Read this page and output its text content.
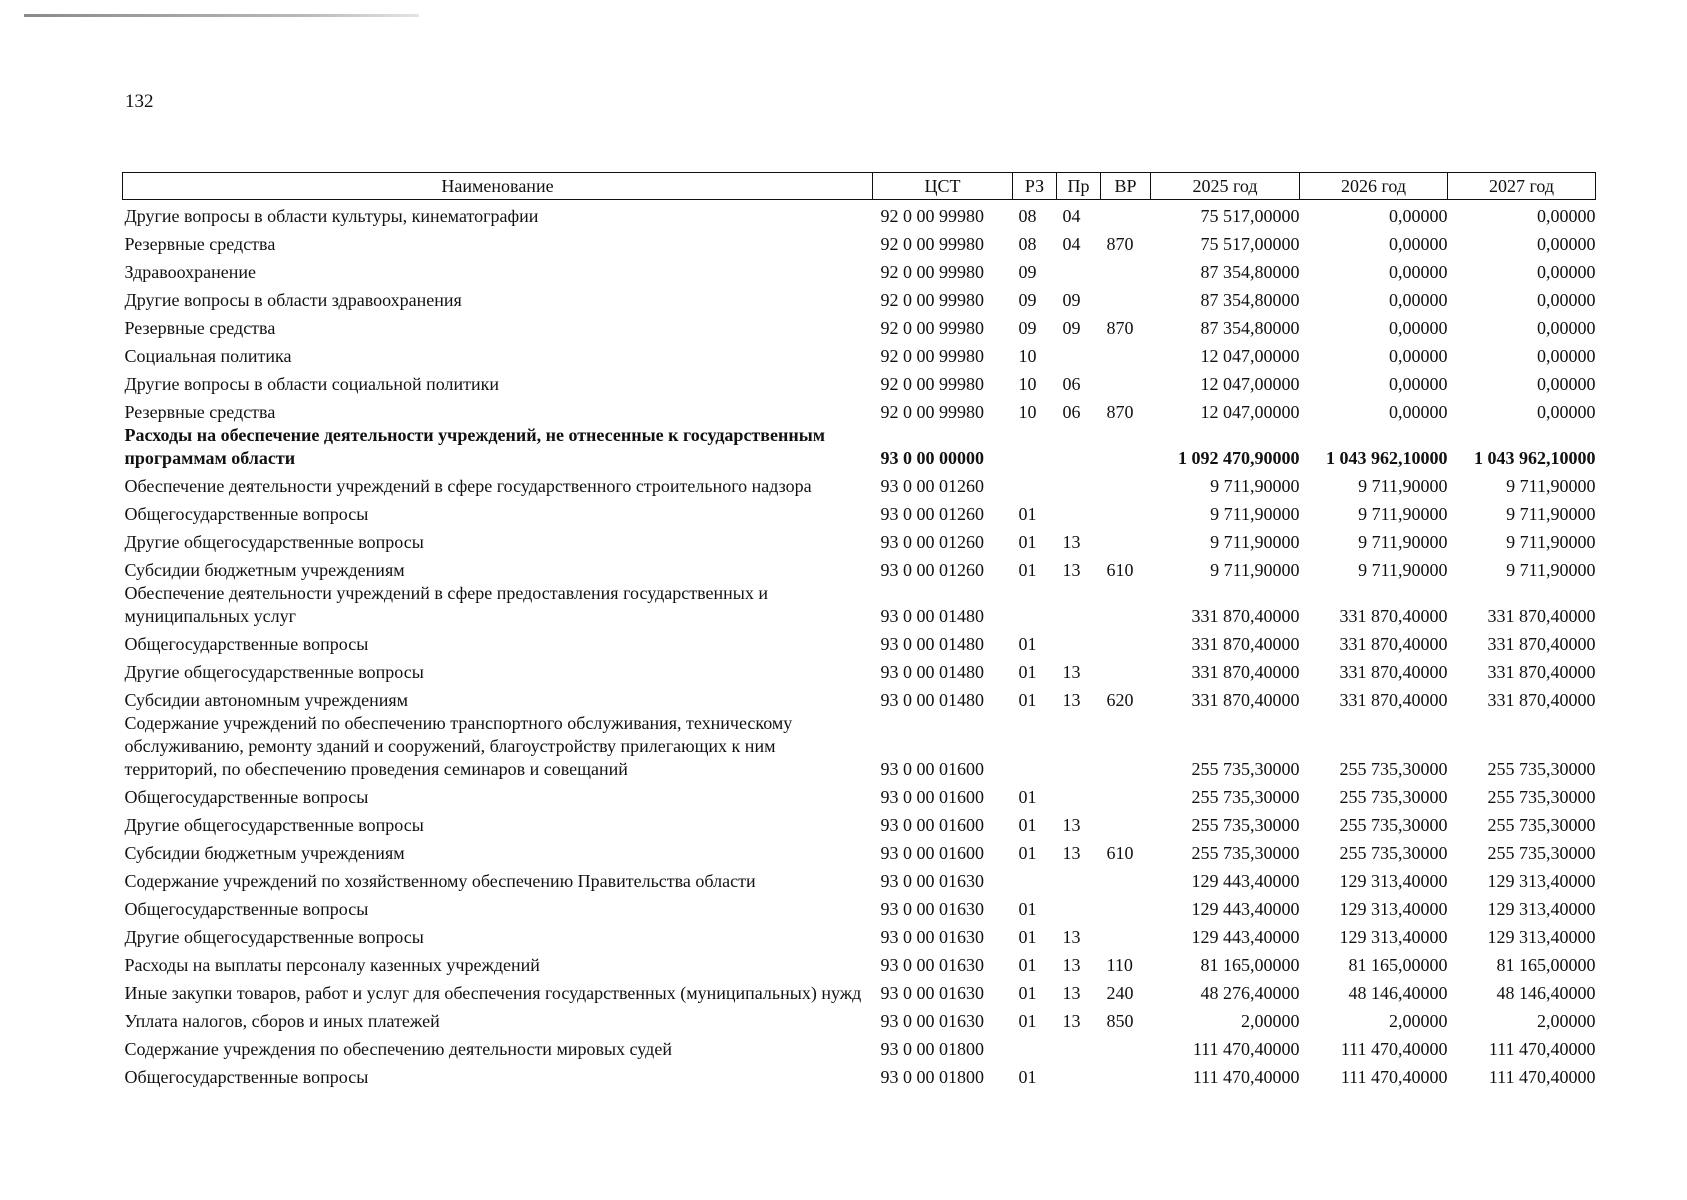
132
Наименование	ЦСТ	РЗ	Пр	ВР	2025 год	2026 год	2027 год
Другие вопросы в области культуры, кинематографии	92 0 00 99980	08	04		75 517,00000	0,00000	0,00000
Резервные средства	92 0 00 99980	08	04	870	75 517,00000	0,00000	0,00000
Здравоохранение	92 0 00 99980	09			87 354,80000	0,00000	0,00000
Другие вопросы в области здравоохранения	92 0 00 99980	09	09		87 354,80000	0,00000	0,00000
Резервные средства	92 0 00 99980	09	09	870	87 354,80000	0,00000	0,00000
Социальная политика	92 0 00 99980	10			12 047,00000	0,00000	0,00000
Другие вопросы в области социальной политики	92 0 00 99980	10	06		12 047,00000	0,00000	0,00000
Резервные средства	92 0 00 99980	10	06	870	12 047,00000	0,00000	0,00000
Расходы на обеспечение деятельности учреждений, не отнесенные к государственным программам области	93 0 00 00000				1 092 470,90000	1 043 962,10000	1 043 962,10000
Обеспечение деятельности учреждений в сфере государственного строительного надзора	93 0 00 01260				9 711,90000	9 711,90000	9 711,90000
Общегосударственные вопросы	93 0 00 01260	01			9 711,90000	9 711,90000	9 711,90000
Другие общегосударственные вопросы	93 0 00 01260	01	13		9 711,90000	9 711,90000	9 711,90000
Субсидии бюджетным учреждениям	93 0 00 01260	01	13	610	9 711,90000	9 711,90000	9 711,90000
Обеспечение деятельности учреждений в сфере предоставления государственных и муниципальных услуг	93 0 00 01480				331 870,40000	331 870,40000	331 870,40000
Общегосударственные вопросы	93 0 00 01480	01			331 870,40000	331 870,40000	331 870,40000
Другие общегосударственные вопросы	93 0 00 01480	01	13		331 870,40000	331 870,40000	331 870,40000
Субсидии автономным учреждениям	93 0 00 01480	01	13	620	331 870,40000	331 870,40000	331 870,40000
Содержание учреждений по обеспечению транспортного обслуживания, техническому обслуживанию, ремонту зданий и сооружений, благоустройству прилегающих к ним территорий, по обеспечению проведения семинаров и совещаний	93 0 00 01600				255 735,30000	255 735,30000	255 735,30000
Общегосударственные вопросы	93 0 00 01600	01			255 735,30000	255 735,30000	255 735,30000
Другие общегосударственные вопросы	93 0 00 01600	01	13		255 735,30000	255 735,30000	255 735,30000
Субсидии бюджетным учреждениям	93 0 00 01600	01	13	610	255 735,30000	255 735,30000	255 735,30000
Содержание учреждений по хозяйственному обеспечению Правительства области	93 0 00 01630				129 443,40000	129 313,40000	129 313,40000
Общегосударственные вопросы	93 0 00 01630	01			129 443,40000	129 313,40000	129 313,40000
Другие общегосударственные вопросы	93 0 00 01630	01	13		129 443,40000	129 313,40000	129 313,40000
Расходы на выплаты персоналу казенных учреждений	93 0 00 01630	01	13	110	81 165,00000	81 165,00000	81 165,00000
Иные закупки товаров, работ и услуг для обеспечения государственных (муниципальных) нужд	93 0 00 01630	01	13	240	48 276,40000	48 146,40000	48 146,40000
Уплата налогов, сборов и иных платежей	93 0 00 01630	01	13	850	2,00000	2,00000	2,00000
Содержание учреждения по обеспечению деятельности мировых судей	93 0 00 01800				111 470,40000	111 470,40000	111 470,40000
Общегосударственные вопросы	93 0 00 01800	01			111 470,40000	111 470,40000	111 470,40000
